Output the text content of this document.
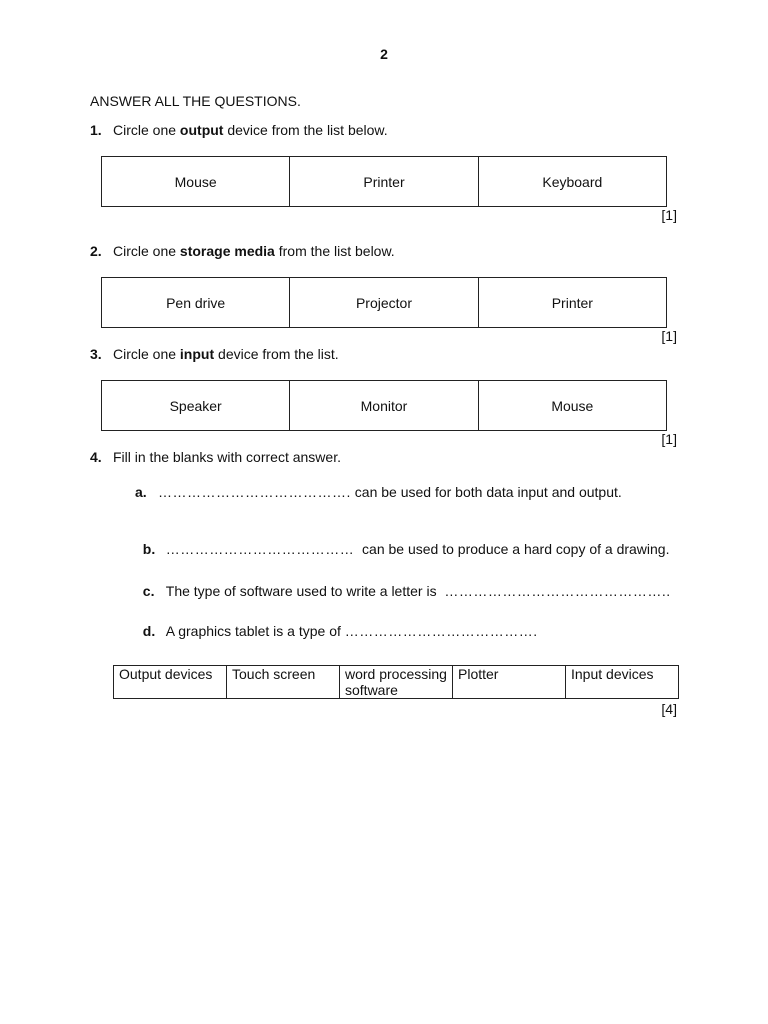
2
ANSWER ALL THE QUESTIONS.
1. Circle one output device from the list below.
Mouse	Printer	Keyboard
[1]
2. Circle one storage media from the list below.
Pen drive	Projector	Printer
[1]
3. Circle one input device from the list.
Speaker	Monitor	Mouse
[1]
4. Fill in the blanks with correct answer.
a. …………………………………. can be used for both data input and output.

b. …………………………………  can be used to produce a hard copy of a drawing.

c. The type of software used to write a letter is  ………………………………………..

d. A graphics tablet is a type of ………………………………….

Output devices	Touch screen	word processing software	Plotter	Input devices
[4]
